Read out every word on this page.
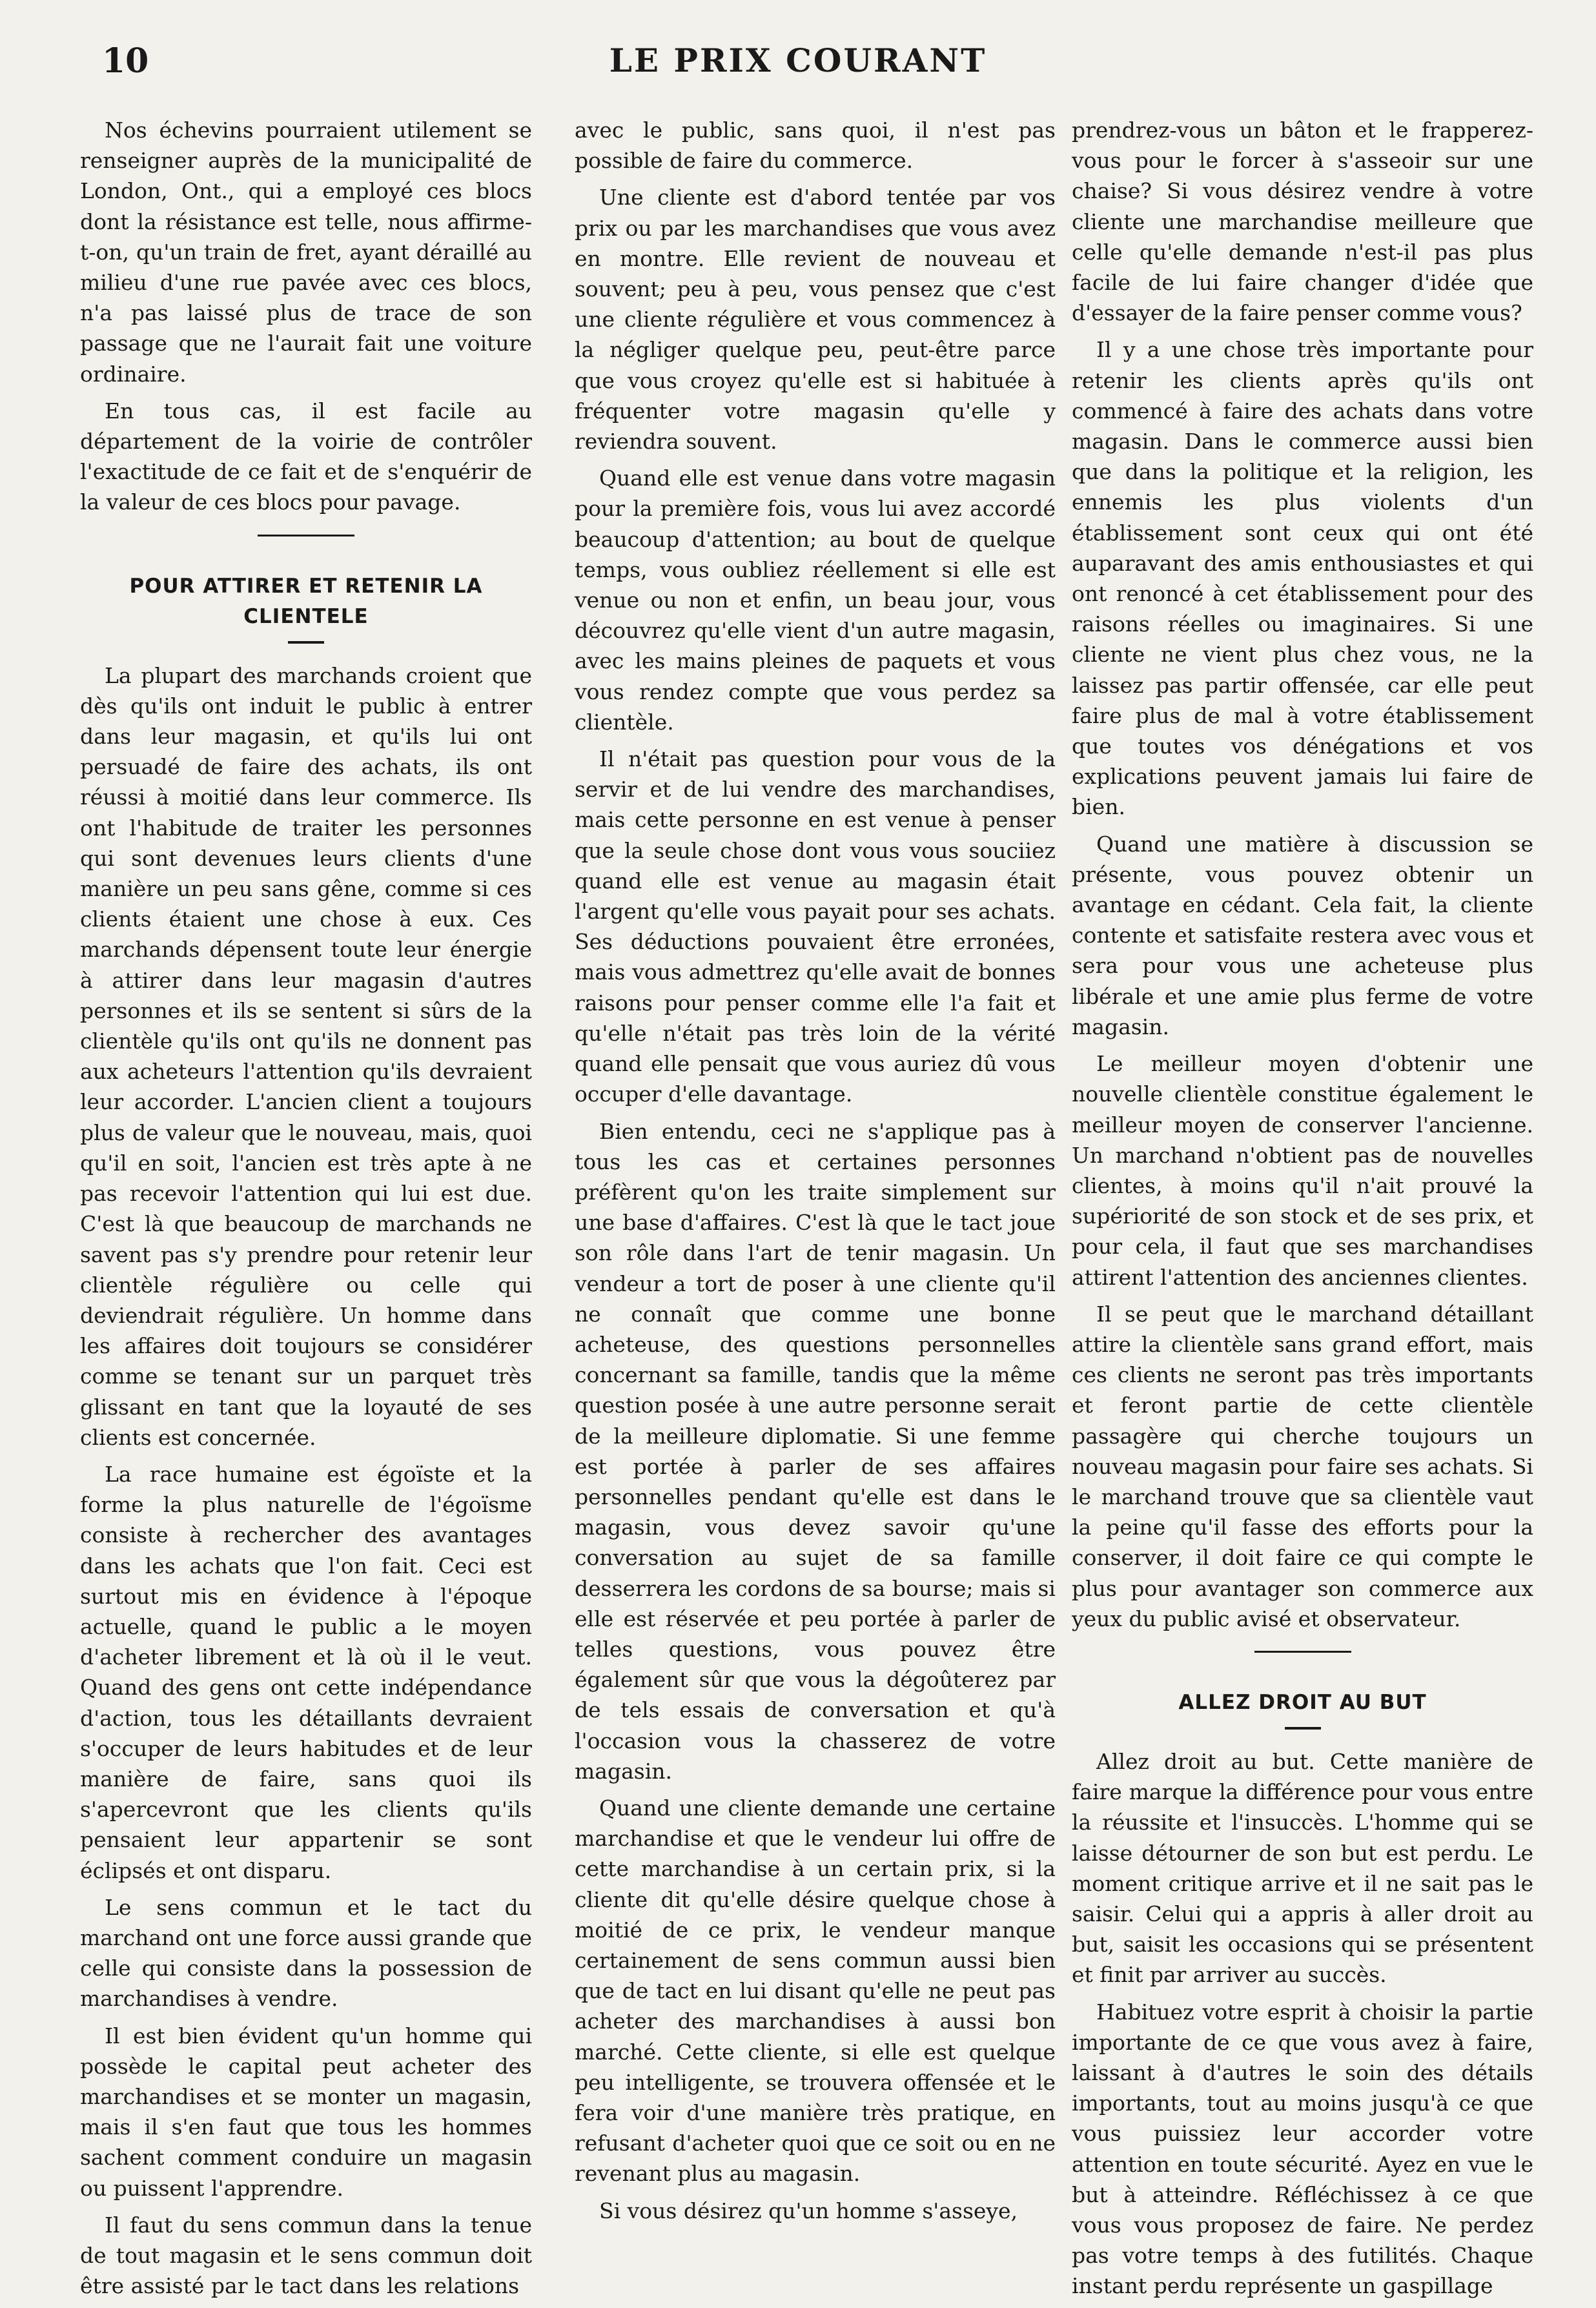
10	LE PRIX COURANT

Nos échevins pourraient utilement se renseigner auprès de la municipalité de London, Ont., qui a employé ces blocs dont la résistance est telle, nous affirme-t-on, qu'un train de fret, ayant déraillé au milieu d'une rue pavée avec ces blocs, n'a pas laissé plus de trace de son passage que ne l'aurait fait une voiture ordinaire.

En tous cas, il est facile au département de la voirie de contrôler l'exactitude de ce fait et de s'enquérir de la valeur de ces blocs pour pavage.

POUR ATTIRER ET RETENIR LA CLIENTELE

La plupart des marchands croient que dès qu'ils ont induit le public à entrer dans leur magasin, et qu'ils lui ont persuadé de faire des achats, ils ont réussi à moitié dans leur commerce. Ils ont l'habitude de traiter les personnes qui sont devenues leurs clients d'une manière un peu sans gêne, comme si ces clients étaient une chose à eux. Ces marchands dépensent toute leur énergie à attirer dans leur magasin d'autres personnes et ils se sentent si sûrs de la clientèle qu'ils ont qu'ils ne donnent pas aux acheteurs l'attention qu'ils devraient leur accorder. L'ancien client a toujours plus de valeur que le nouveau, mais, quoi qu'il en soit, l'ancien est très apte à ne pas recevoir l'attention qui lui est due. C'est là que beaucoup de marchands ne savent pas s'y prendre pour retenir leur clientèle régulière ou celle qui deviendrait régulière. Un homme dans les affaires doit toujours se considérer comme se tenant sur un parquet très glissant en tant que la loyauté de ses clients est concernée.

La race humaine est égoïste et la forme la plus naturelle de l'égoïsme consiste à rechercher des avantages dans les achats que l'on fait. Ceci est surtout mis en évidence à l'époque actuelle, quand le public a le moyen d'acheter librement et là où il le veut. Quand des gens ont cette indépendance d'action, tous les détaillants devraient s'occuper de leurs habitudes et de leur manière de faire, sans quoi ils s'apercevront que les clients qu'ils pensaient leur appartenir se sont éclipsés et ont disparu.

Le sens commun et le tact du marchand ont une force aussi grande que celle qui consiste dans la possession de marchandises à vendre.

Il est bien évident qu'un homme qui possède le capital peut acheter des marchandises et se monter un magasin, mais il s'en faut que tous les hommes sachent comment conduire un magasin ou puissent l'apprendre.

Il faut du sens commun dans la tenue de tout magasin et le sens commun doit être assisté par le tact dans les relations

avec le public, sans quoi, il n'est pas possible de faire du commerce.

Une cliente est d'abord tentée par vos prix ou par les marchandises que vous avez en montre. Elle revient de nouveau et souvent; peu à peu, vous pensez que c'est une cliente régulière et vous commencez à la négliger quelque peu, peut-être parce que vous croyez qu'elle est si habituée à fréquenter votre magasin qu'elle y reviendra souvent.

Quand elle est venue dans votre magasin pour la première fois, vous lui avez accordé beaucoup d'attention; au bout de quelque temps, vous oubliez réellement si elle est venue ou non et enfin, un beau jour, vous découvrez qu'elle vient d'un autre magasin, avec les mains pleines de paquets et vous vous rendez compte que vous perdez sa clientèle.

Il n'était pas question pour vous de la servir et de lui vendre des marchandises, mais cette personne en est venue à penser que la seule chose dont vous vous souciiez quand elle est venue au magasin était l'argent qu'elle vous payait pour ses achats. Ses déductions pouvaient être erronées, mais vous admettrez qu'elle avait de bonnes raisons pour penser comme elle l'a fait et qu'elle n'était pas très loin de la vérité quand elle pensait que vous auriez dû vous occuper d'elle davantage.

Bien entendu, ceci ne s'applique pas à tous les cas et certaines personnes préfèrent qu'on les traite simplement sur une base d'affaires. C'est là que le tact joue son rôle dans l'art de tenir magasin. Un vendeur a tort de poser à une cliente qu'il ne connaît que comme une bonne acheteuse, des questions personnelles concernant sa famille, tandis que la même question posée à une autre personne serait de la meilleure diplomatie. Si une femme est portée à parler de ses affaires personnelles pendant qu'elle est dans le magasin, vous devez savoir qu'une conversation au sujet de sa famille desserrera les cordons de sa bourse; mais si elle est réservée et peu portée à parler de telles questions, vous pouvez être également sûr que vous la dégoûterez par de tels essais de conversation et qu'à l'occasion vous la chasserez de votre magasin.

Quand une cliente demande une certaine marchandise et que le vendeur lui offre de cette marchandise à un certain prix, si la cliente dit qu'elle désire quelque chose à moitié de ce prix, le vendeur manque certainement de sens commun aussi bien que de tact en lui disant qu'elle ne peut pas acheter des marchandises à aussi bon marché. Cette cliente, si elle est quelque peu intelligente, se trouvera offensée et le fera voir d'une manière très pratique, en refusant d'acheter quoi que ce soit ou en ne revenant plus au magasin.

Si vous désirez qu'un homme s'asseye,

prendrez-vous un bâton et le frapperez-vous pour le forcer à s'asseoir sur une chaise? Si vous désirez vendre à votre cliente une marchandise meilleure que celle qu'elle demande n'est-il pas plus facile de lui faire changer d'idée que d'essayer de la faire penser comme vous?

Il y a une chose très importante pour retenir les clients après qu'ils ont commencé à faire des achats dans votre magasin. Dans le commerce aussi bien que dans la politique et la religion, les ennemis les plus violents d'un établissement sont ceux qui ont été auparavant des amis enthousiastes et qui ont renoncé à cet établissement pour des raisons réelles ou imaginaires. Si une cliente ne vient plus chez vous, ne la laissez pas partir offensée, car elle peut faire plus de mal à votre établissement que toutes vos dénégations et vos explications peuvent jamais lui faire de bien.

Quand une matière à discussion se présente, vous pouvez obtenir un avantage en cédant. Cela fait, la cliente contente et satisfaite restera avec vous et sera pour vous une acheteuse plus libérale et une amie plus ferme de votre magasin.

Le meilleur moyen d'obtenir une nouvelle clientèle constitue également le meilleur moyen de conserver l'ancienne. Un marchand n'obtient pas de nouvelles clientes, à moins qu'il n'ait prouvé la supériorité de son stock et de ses prix, et pour cela, il faut que ses marchandises attirent l'attention des anciennes clientes.

Il se peut que le marchand détaillant attire la clientèle sans grand effort, mais ces clients ne seront pas très importants et feront partie de cette clientèle passagère qui cherche toujours un nouveau magasin pour faire ses achats. Si le marchand trouve que sa clientèle vaut la peine qu'il fasse des efforts pour la conserver, il doit faire ce qui compte le plus pour avantager son commerce aux yeux du public avisé et observateur.

ALLEZ DROIT AU BUT

Allez droit au but. Cette manière de faire marque la différence pour vous entre la réussite et l'insuccès. L'homme qui se laisse détourner de son but est perdu. Le moment critique arrive et il ne sait pas le saisir. Celui qui a appris à aller droit au but, saisit les occasions qui se présentent et finit par arriver au succès.

Habituez votre esprit à choisir la partie importante de ce que vous avez à faire, laissant à d'autres le soin des détails importants, tout au moins jusqu'à ce que vous puissiez leur accorder votre attention en toute sécurité. Ayez en vue le but à atteindre. Réfléchissez à ce que vous vous proposez de faire. Ne perdez pas votre temps à des futilités. Chaque instant perdu représente un gaspillage
